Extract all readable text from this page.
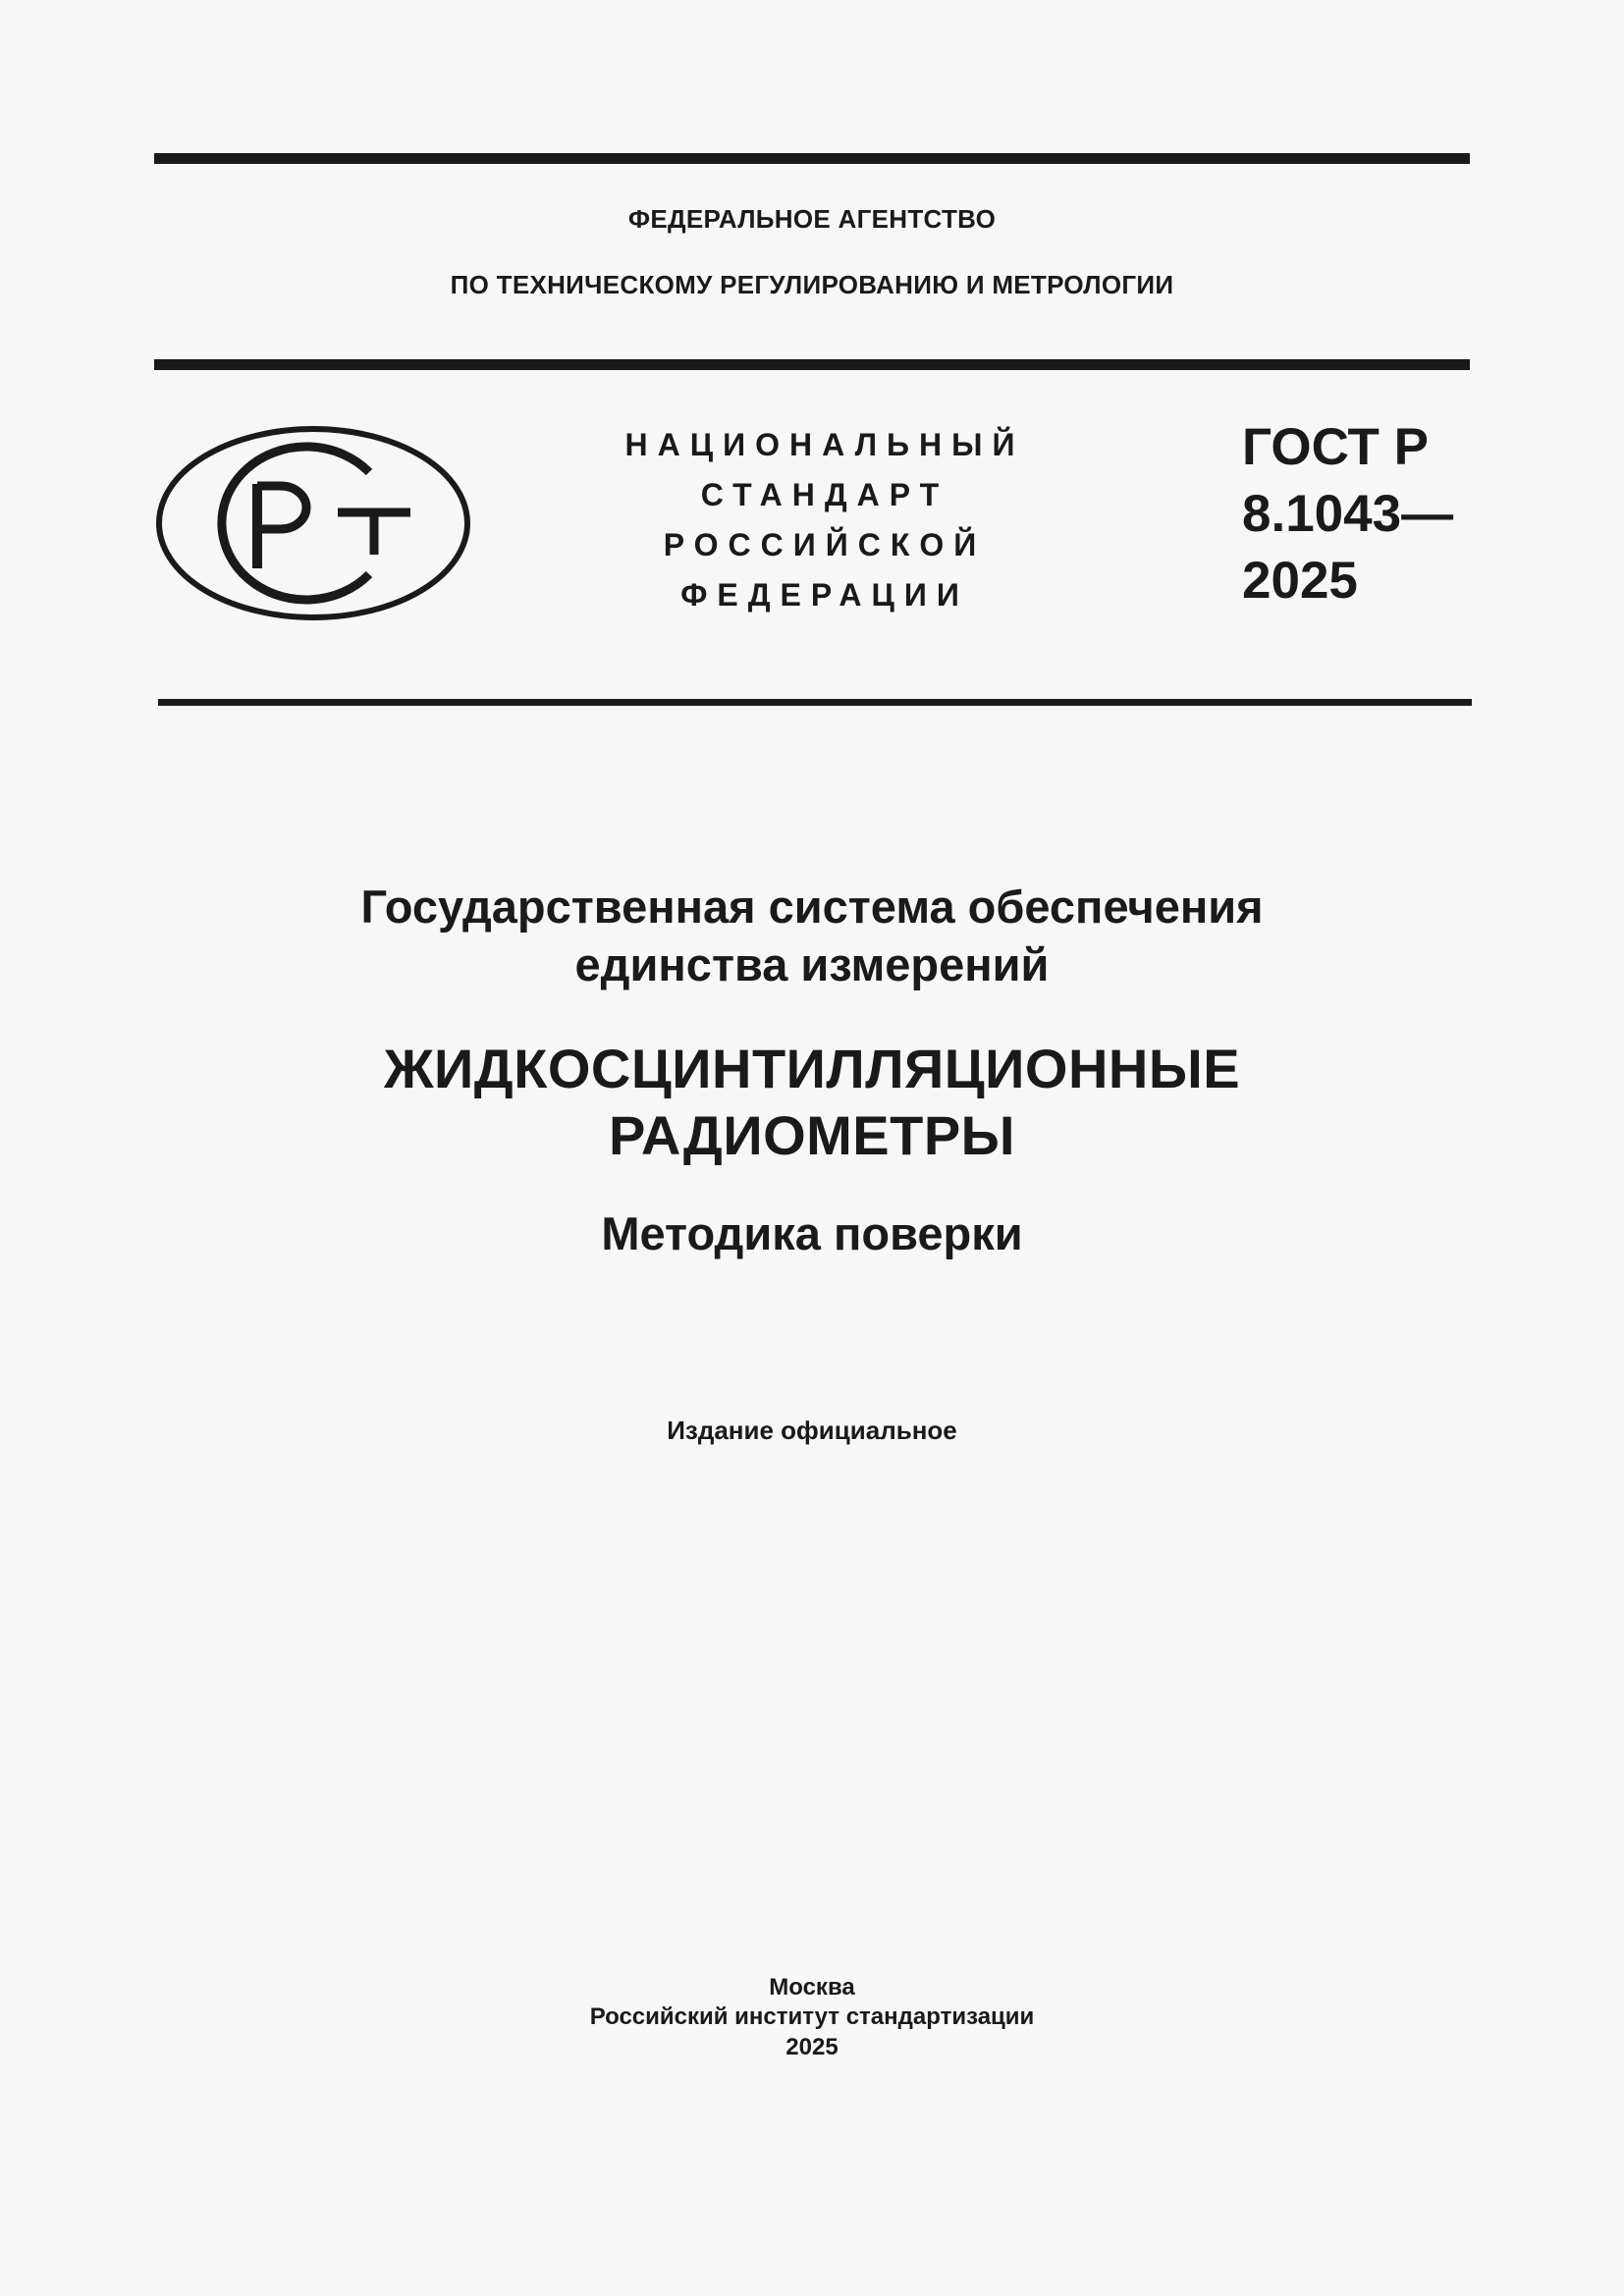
ФЕДЕРАЛЬНОЕ АГЕНТСТВО
ПО ТЕХНИЧЕСКОМУ РЕГУЛИРОВАНИЮ И МЕТРОЛОГИИ
НАЦИОНАЛЬНЫЙ
СТАНДАРТ
РОССИЙСКОЙ
ФЕДЕРАЦИИ
ГОСТ Р
8.1043—
2025
Государственная система обеспечения
единства измерений
ЖИДКОСЦИНТИЛЛЯЦИОННЫЕ
РАДИОМЕТРЫ
Методика поверки
Издание официальное
Москва
Российский институт стандартизации
2025
